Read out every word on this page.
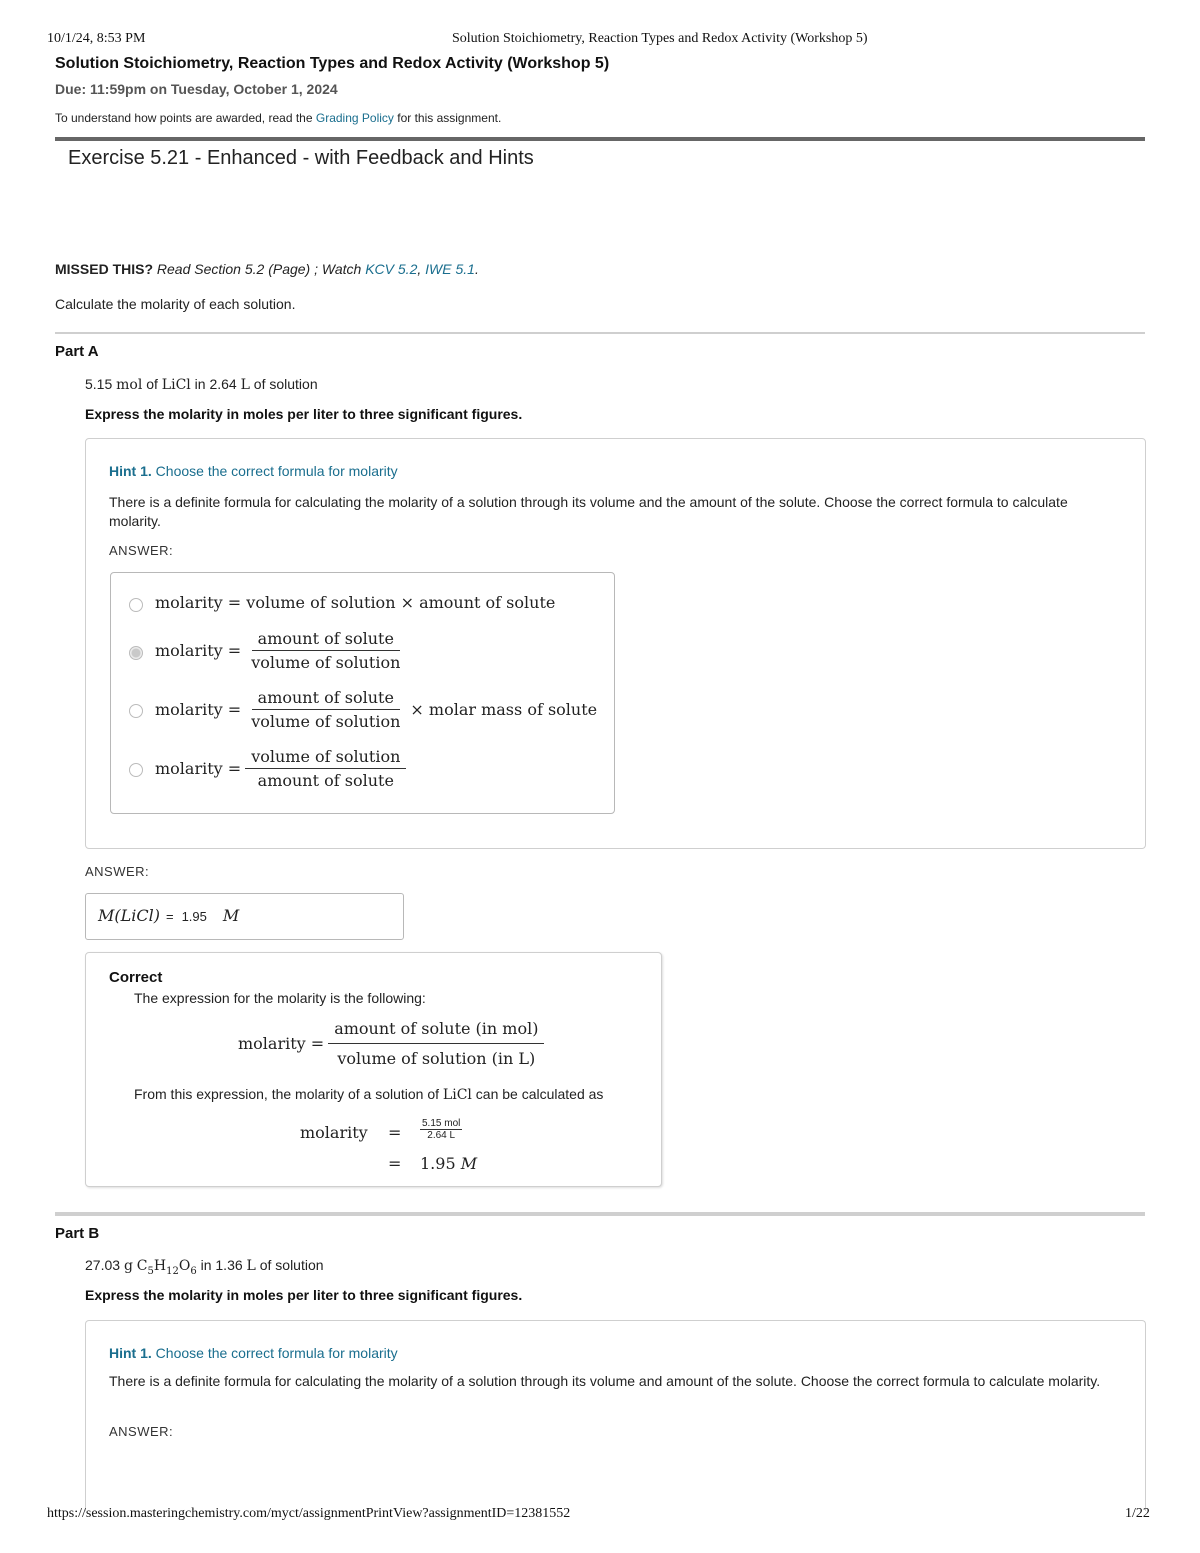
10/1/24, 8:53 PM	Solution Stoichiometry, Reaction Types and Redox Activity (Workshop 5)
Solution Stoichiometry, Reaction Types and Redox Activity (Workshop 5)
Due: 11:59pm on Tuesday, October 1, 2024
To understand how points are awarded, read the Grading Policy for this assignment.
Exercise 5.21 - Enhanced - with Feedback and Hints
MISSED THIS? Read Section 5.2 (Page) ; Watch KCV 5.2, IWE 5.1.
Calculate the molarity of each solution.
Part A
5.15 mol of LiCl in 2.64 L of solution
Express the molarity in moles per liter to three significant figures.
Hint 1. Choose the correct formula for molarity
There is a definite formula for calculating the molarity of a solution through its volume and the amount of the solute. Choose the correct formula to calculate molarity.
ANSWER:
molarity =
volume of solution × amount of solute
molarity = $\frac{\text{amount of solute}}{\text{volume of solution}}$
molarity = $\frac{\text{amount of solute}}{\text{volume of solution}}$ × molar mass of solute
molarity = $\frac{\text{volume of solution}}{\text{amount of solute}}$
ANSWER:
M(LiCl) = 1.95 M
Correct
The expression for the molarity is the following:
molarity = $\frac{\text{amount of solute (in mol)}}{\text{volume of solution (in L)}}$
From this expression, the molarity of a solution of LiCl can be calculated as
molarity = 5.15 mol
2.64 L
= 1.95 M
Part B
27.03 g $C_5H_{12}O_6$ in 1.36 L of solution
Express the molarity in moles per liter to three significant figures.
Hint 1. Choose the correct formula for molarity
There is a definite formula for calculating the molarity of a solution through its volume and amount of the solute. Choose the correct formula to calculate molarity.
ANSWER:
https://session.masteringchemistry.com/myct/assignmentPrintView?assignmentID=12381552	1/22
